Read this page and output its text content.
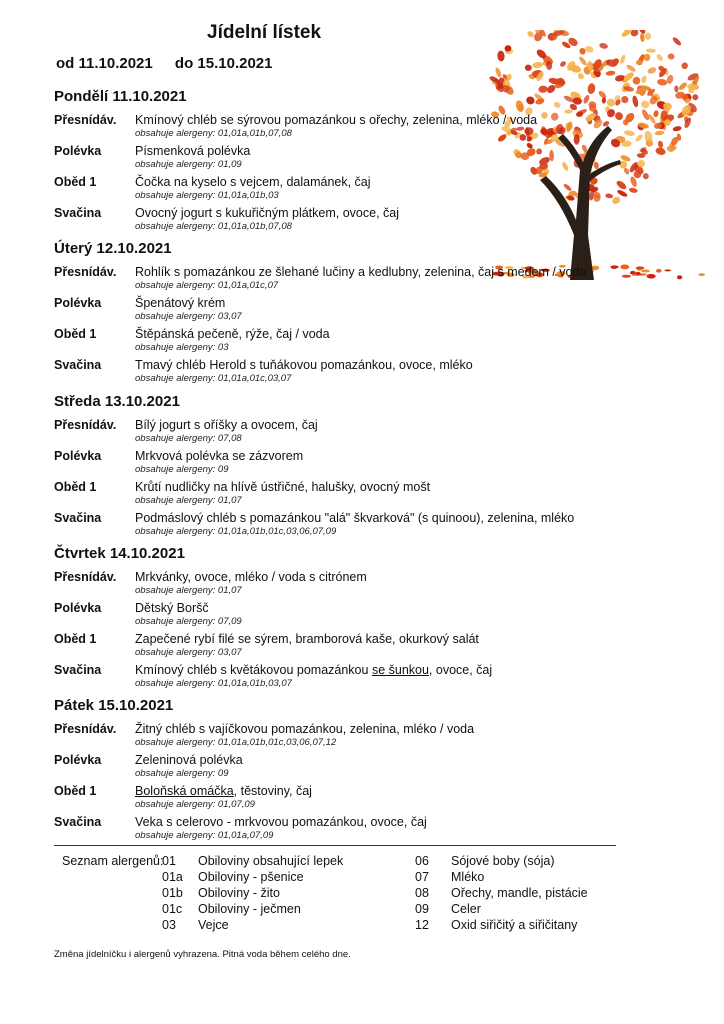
Jídelní lístek
od 11.10.2021 do 15.10.2021
Pondělí 11.10.2021
Přesnídáv. Kmínový chléb se sýrovou pomazánkou s ořechy, zelenina, mléko / voda
obsahuje alergeny: 01,01a,01b,07,08
Polévka	Písmenková polévka
obsahuje alergeny: 01,09
Oběd 1	Čočka na kyselo s vejcem, dalamánek, čaj
obsahuje alergeny: 01,01a,01b,03
Svačina	Ovocný jogurt s kukuřičným plátkem, ovoce, čaj
obsahuje alergeny: 01,01a,01b,07,08
Úterý 12.10.2021
Přesnídáv. Rohlík s pomazánkou ze šlehané lučiny a kedlubny, zelenina, čaj s medem / voda
obsahuje alergeny: 01,01a,01c,07
Polévka	Špenátový krém
obsahuje alergeny: 03,07
Oběd 1	Štěpánská pečeně, rýže, čaj / voda
obsahuje alergeny: 03
Svačina	Tmavý chléb Herold s tuňákovou pomazánkou, ovoce, mléko
obsahuje alergeny: 01,01a,01c,03,07
Středa 13.10.2021
Přesnídáv. Bílý jogurt s oříšky a ovocem, čaj
obsahuje alergeny: 07,08
Polévka	Mrkvová polévka se zázvorem
obsahuje alergeny: 09
Oběd 1	Krůtí nudličky na hlívě ústřičné, halušky, ovocný mošt
obsahuje alergeny: 01,07
Svačina	Podmáslový chléb s pomazánkou "alá" škvarková" (s quinoou), zelenina, mléko
obsahuje alergeny: 01,01a,01b,01c,03,06,07,09
Čtvrtek 14.10.2021
Přesnídáv. Mrkvánky, ovoce, mléko / voda s citrónem
obsahuje alergeny: 01,07
Polévka	Dětský Boršč
obsahuje alergeny: 07,09
Oběd 1	Zapečené rybí filé se sýrem, bramborová kaše, okurkový salát
obsahuje alergeny: 03,07
Svačina	Kmínový chléb s květákovou pomazánkou se šunkou, ovoce, čaj
obsahuje alergeny: 01,01a,01b,03,07
Pátek 15.10.2021
Přesnídáv. Žitný chléb s vajíčkovou pomazánkou, zelenina, mléko / voda
obsahuje alergeny: 01,01a,01b,01c,03,06,07,12
Polévka	Zeleninová polévka
obsahuje alergeny: 09
Oběd 1	Boloňská omáčka, těstoviny, čaj
obsahuje alergeny: 01,07,09
Svačina	Veka s celerovo - mrkvovou pomazánkou, ovoce, čaj
obsahuje alergeny: 01,01a,07,09
Seznam alergenů:
01 Obiloviny obsahující lepek
01a Obiloviny - pšenice
01b Obiloviny - žito
01c Obiloviny - ječmen
03 Vejce
06 Sójové boby (sója)
07 Mléko
08 Ořechy, mandle, pistácie
09 Celer
12 Oxid siřičitý a siřičitany
Změna jídelníčku i alergenů vyhrazena. Pitná voda během celého dne.
